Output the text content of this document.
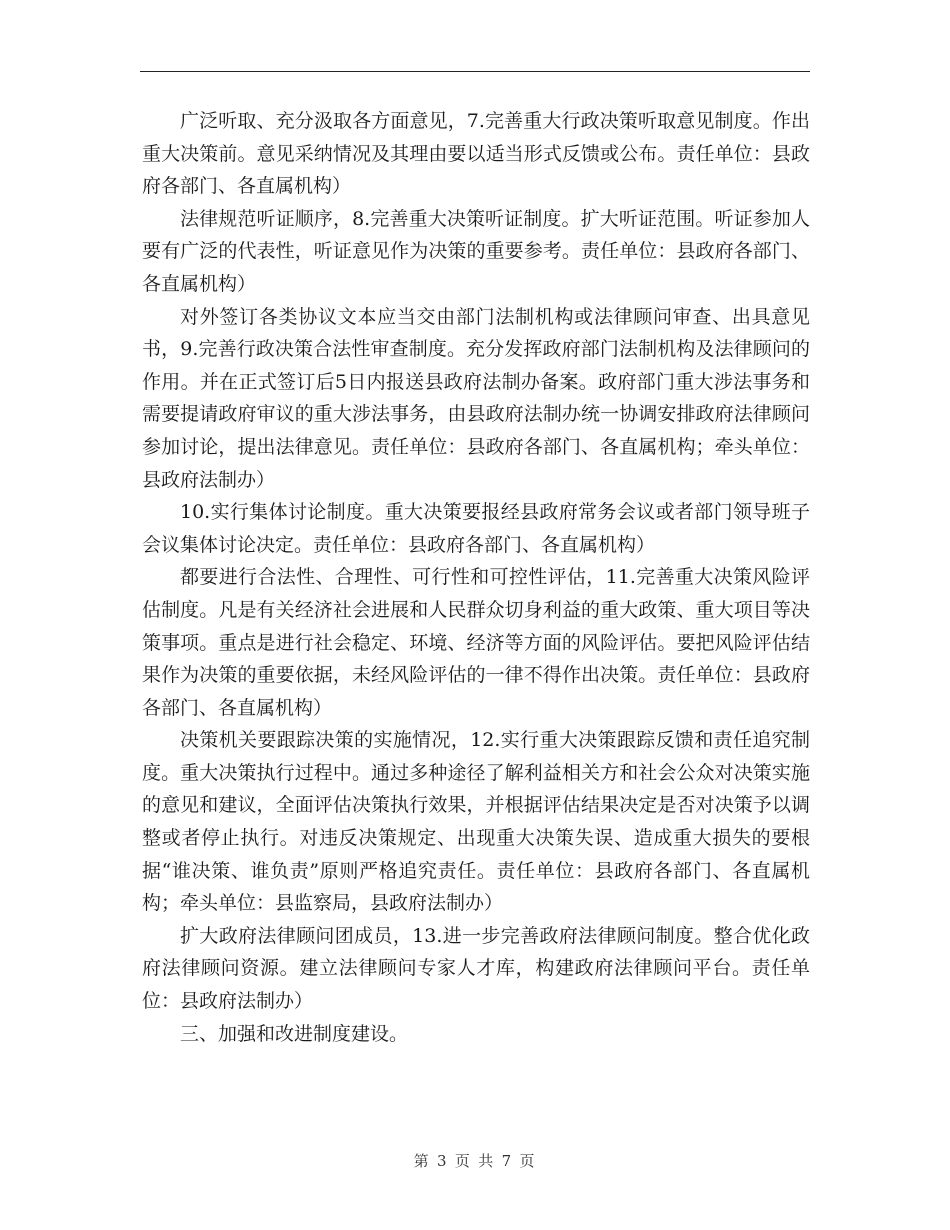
广泛听取、充分汲取各方面意见，7.完善重大行政决策听取意见制度。作出重大决策前。意见采纳情况及其理由要以适当形式反馈或公布。责任单位：县政府各部门、各直属机构）

法律规范听证顺序，8.完善重大决策听证制度。扩大听证范围。听证参加人要有广泛的代表性，听证意见作为决策的重要参考。责任单位：县政府各部门、各直属机构）

对外签订各类协议文本应当交由部门法制机构或法律顾问审查、出具意见书，9.完善行政决策合法性审查制度。充分发挥政府部门法制机构及法律顾问的作用。并在正式签订后5日内报送县政府法制办备案。政府部门重大涉法事务和需要提请政府审议的重大涉法事务，由县政府法制办统一协调安排政府法律顾问参加讨论，提出法律意见。责任单位：县政府各部门、各直属机构；牵头单位：县政府法制办）

10.实行集体讨论制度。重大决策要报经县政府常务会议或者部门领导班子会议集体讨论决定。责任单位：县政府各部门、各直属机构）

都要进行合法性、合理性、可行性和可控性评估，11.完善重大决策风险评估制度。凡是有关经济社会进展和人民群众切身利益的重大政策、重大项目等决策事项。重点是进行社会稳定、环境、经济等方面的风险评估。要把风险评估结果作为决策的重要依据，未经风险评估的一律不得作出决策。责任单位：县政府各部门、各直属机构）

决策机关要跟踪决策的实施情况，12.实行重大决策跟踪反馈和责任追究制度。重大决策执行过程中。通过多种途径了解利益相关方和社会公众对决策实施的意见和建议，全面评估决策执行效果，并根据评估结果决定是否对决策予以调整或者停止执行。对违反决策规定、出现重大决策失误、造成重大损失的要根据“谁决策、谁负责”原则严格追究责任。责任单位：县政府各部门、各直属机构；牵头单位：县监察局，县政府法制办）

扩大政府法律顾问团成员，13.进一步完善政府法律顾问制度。整合优化政府法律顾问资源。建立法律顾问专家人才库，构建政府法律顾问平台。责任单位：县政府法制办）

三、加强和改进制度建设。

第 3 页 共 7 页
